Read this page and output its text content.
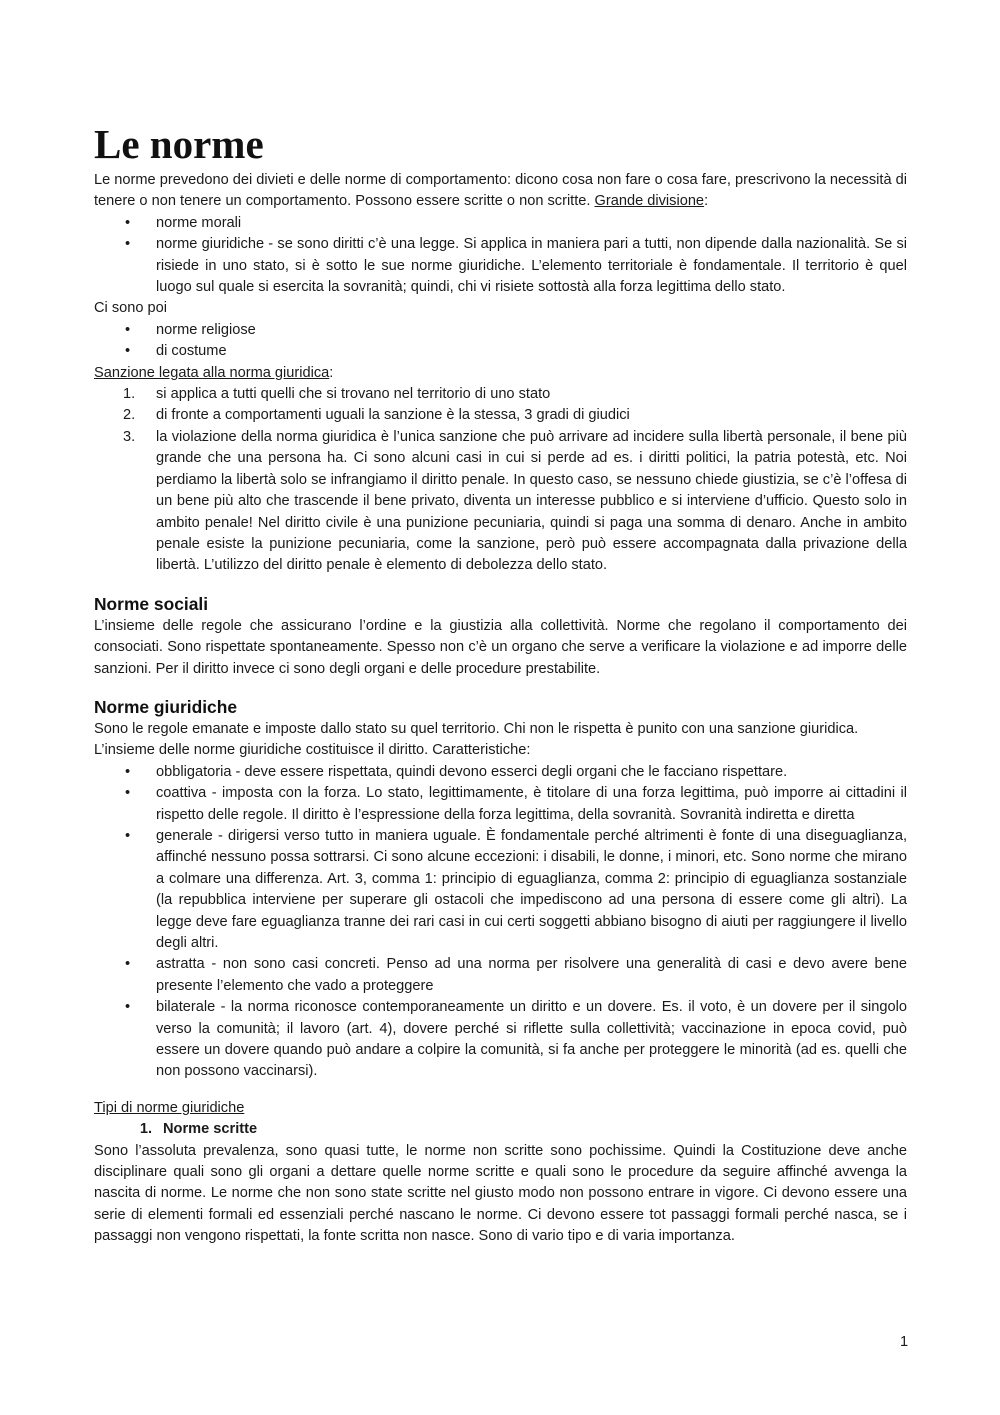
Le norme

Le norme prevedono dei divieti e delle norme di comportamento: dicono cosa non fare o cosa fare, prescrivono la necessità di tenere o non tenere un comportamento. Possono essere scritte o non scritte. Grande divisione:

• norme morali
• norme giuridiche - se sono diritti c’è una legge. Si applica in maniera pari a tutti, non dipende dalla nazionalità. Se si risiede in uno stato, si è sotto le sue norme giuridiche. L’elemento territoriale è fondamentale. Il territorio è quel luogo sul quale si esercita la sovranità; quindi, chi vi risiete sottostà alla forza legittima dello stato.

Ci sono poi

• norme religiose
• di costume

Sanzione legata alla norma giuridica:

1. si applica a tutti quelli che si trovano nel territorio di uno stato
2. di fronte a comportamenti uguali la sanzione è la stessa, 3 gradi di giudici
3. la violazione della norma giuridica è l’unica sanzione che può arrivare ad incidere sulla libertà personale, il bene più grande che una persona ha. Ci sono alcuni casi in cui si perde ad es. i diritti politici, la patria potestà, etc. Noi perdiamo la libertà solo se infrangiamo il diritto penale. In questo caso, se nessuno chiede giustizia, se c’è l’offesa di un bene più alto che trascende il bene privato, diventa un interesse pubblico e si interviene d’ufficio. Questo solo in ambito penale! Nel diritto civile è una punizione pecuniaria, quindi si paga una somma di denaro. Anche in ambito penale esiste la punizione pecuniaria, come la sanzione, però può essere accompagnata dalla privazione della libertà. L’utilizzo del diritto penale è elemento di debolezza dello stato.
Norme sociali

L’insieme delle regole che assicurano l’ordine e la giustizia alla collettività. Norme che regolano il comportamento dei consociati. Sono rispettate spontaneamente. Spesso non c’è un organo che serve a verificare la violazione e ad imporre delle sanzioni. Per il diritto invece ci sono degli organi e delle procedure prestabilite.

Norme giuridiche

Sono le regole emanate e imposte dallo stato su quel territorio. Chi non le rispetta è punito con una sanzione giuridica.

L’insieme delle norme giuridiche costituisce il diritto. Caratteristiche:

• obbligatoria - deve essere rispettata, quindi devono esserci degli organi che le facciano rispettare.
• coattiva - imposta con la forza. Lo stato, legittimamente, è titolare di una forza legittima, può imporre ai cittadini il rispetto delle regole. Il diritto è l’espressione della forza legittima, della sovranità. Sovranità indiretta e diretta
• generale - dirigersi verso tutto in maniera uguale. È fondamentale perché altrimenti è fonte di una diseguaglianza, affinché nessuno possa sottrarsi. Ci sono alcune eccezioni: i disabili, le donne, i minori, etc. Sono norme che mirano a colmare una differenza. Art. 3, comma 1: principio di eguaglianza, comma 2: principio di eguaglianza sostanziale (la repubblica interviene per superare gli ostacoli che impediscono ad una persona di essere come gli altri). La legge deve fare eguaglianza tranne dei rari casi in cui certi soggetti abbiano bisogno di aiuti per raggiungere il livello degli altri.
• astratta - non sono casi concreti. Penso ad una norma per risolvere una generalità di casi e devo avere bene presente l’elemento che vado a proteggere
• bilaterale - la norma riconosce contemporaneamente un diritto e un dovere. Es. il voto, è un dovere per il singolo verso la comunità; il lavoro (art. 4), dovere perché si riflette sulla collettività; vaccinazione in epoca covid, può essere un dovere quando può andare a colpire la comunità, si fa anche per proteggere le minorità (ad es. quelli che non possono vaccinarsi).

Tipi di norme giuridiche

1. Norme scritte

Sono l’assoluta prevalenza, sono quasi tutte, le norme non scritte sono pochissime. Quindi la Costituzione deve anche disciplinare quali sono gli organi a dettare quelle norme scritte e quali sono le procedure da seguire affinché avvenga la nascita di norme. Le norme che non sono state scritte nel giusto modo non possono entrare in vigore. Ci devono essere una serie di elementi formali ed essenziali perché nascano le norme. Ci devono essere tot passaggi formali perché nasca, se i passaggi non vengono rispettati, la fonte scritta non nasce. Sono di vario tipo e di varia importanza.

1
